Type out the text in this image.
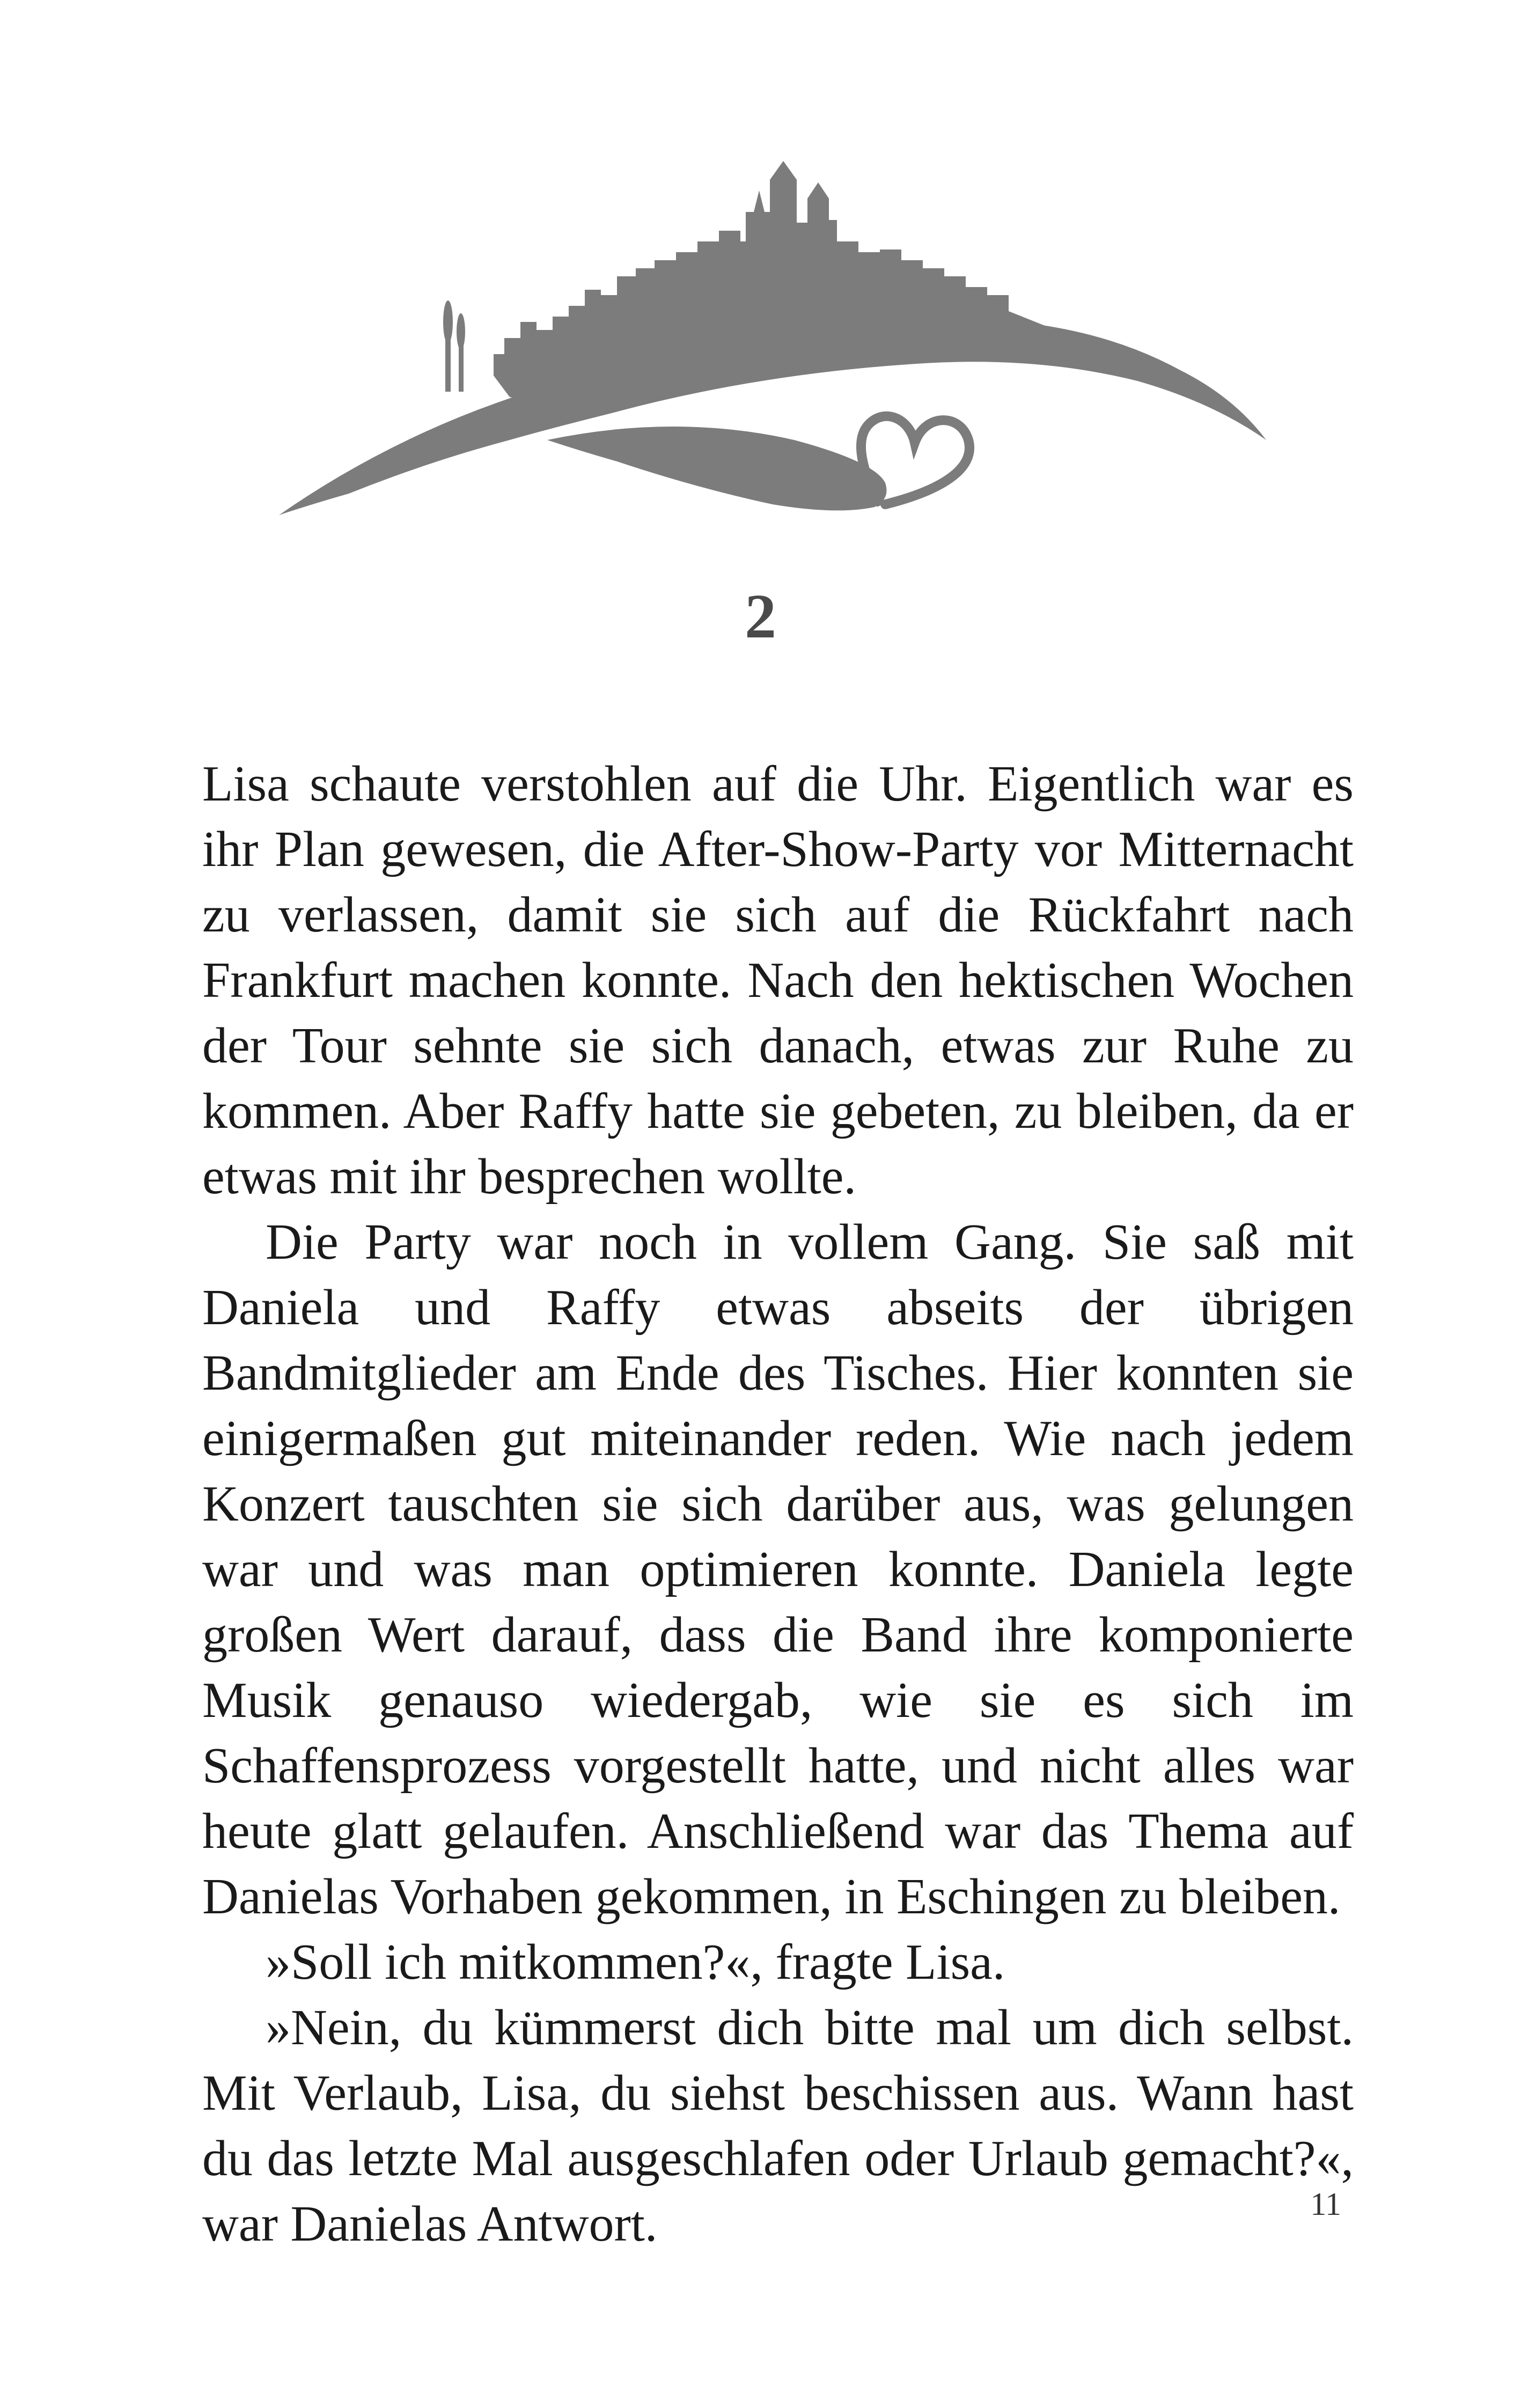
2

Lisa schaute verstohlen auf die Uhr. Eigentlich war es ihr Plan gewesen, die After-Show-Party vor Mitternacht zu verlassen, damit sie sich auf die Rückfahrt nach Frankfurt machen konnte. Nach den hektischen Wochen der Tour sehnte sie sich danach, etwas zur Ruhe zu kommen. Aber Raffy hatte sie gebeten, zu bleiben, da er etwas mit ihr besprechen wollte.

Die Party war noch in vollem Gang. Sie saß mit Daniela und Raffy etwas abseits der übrigen Bandmitglieder am Ende des Tisches. Hier konnten sie einigermaßen gut miteinander reden. Wie nach jedem Konzert tauschten sie sich darüber aus, was gelungen war und was man optimieren konnte. Daniela legte großen Wert darauf, dass die Band ihre komponierte Musik genauso wiedergab, wie sie es sich im Schaffensprozess vorgestellt hatte, und nicht alles war heute glatt gelaufen. Anschließend war das Thema auf Danielas Vorhaben gekommen, in Eschingen zu bleiben.

»Soll ich mitkommen?«, fragte Lisa.

»Nein, du kümmerst dich bitte mal um dich selbst. Mit Verlaub, Lisa, du siehst beschissen aus. Wann hast du das letzte Mal ausgeschlafen oder Urlaub gemacht?«, war Danielas Antwort.	11
